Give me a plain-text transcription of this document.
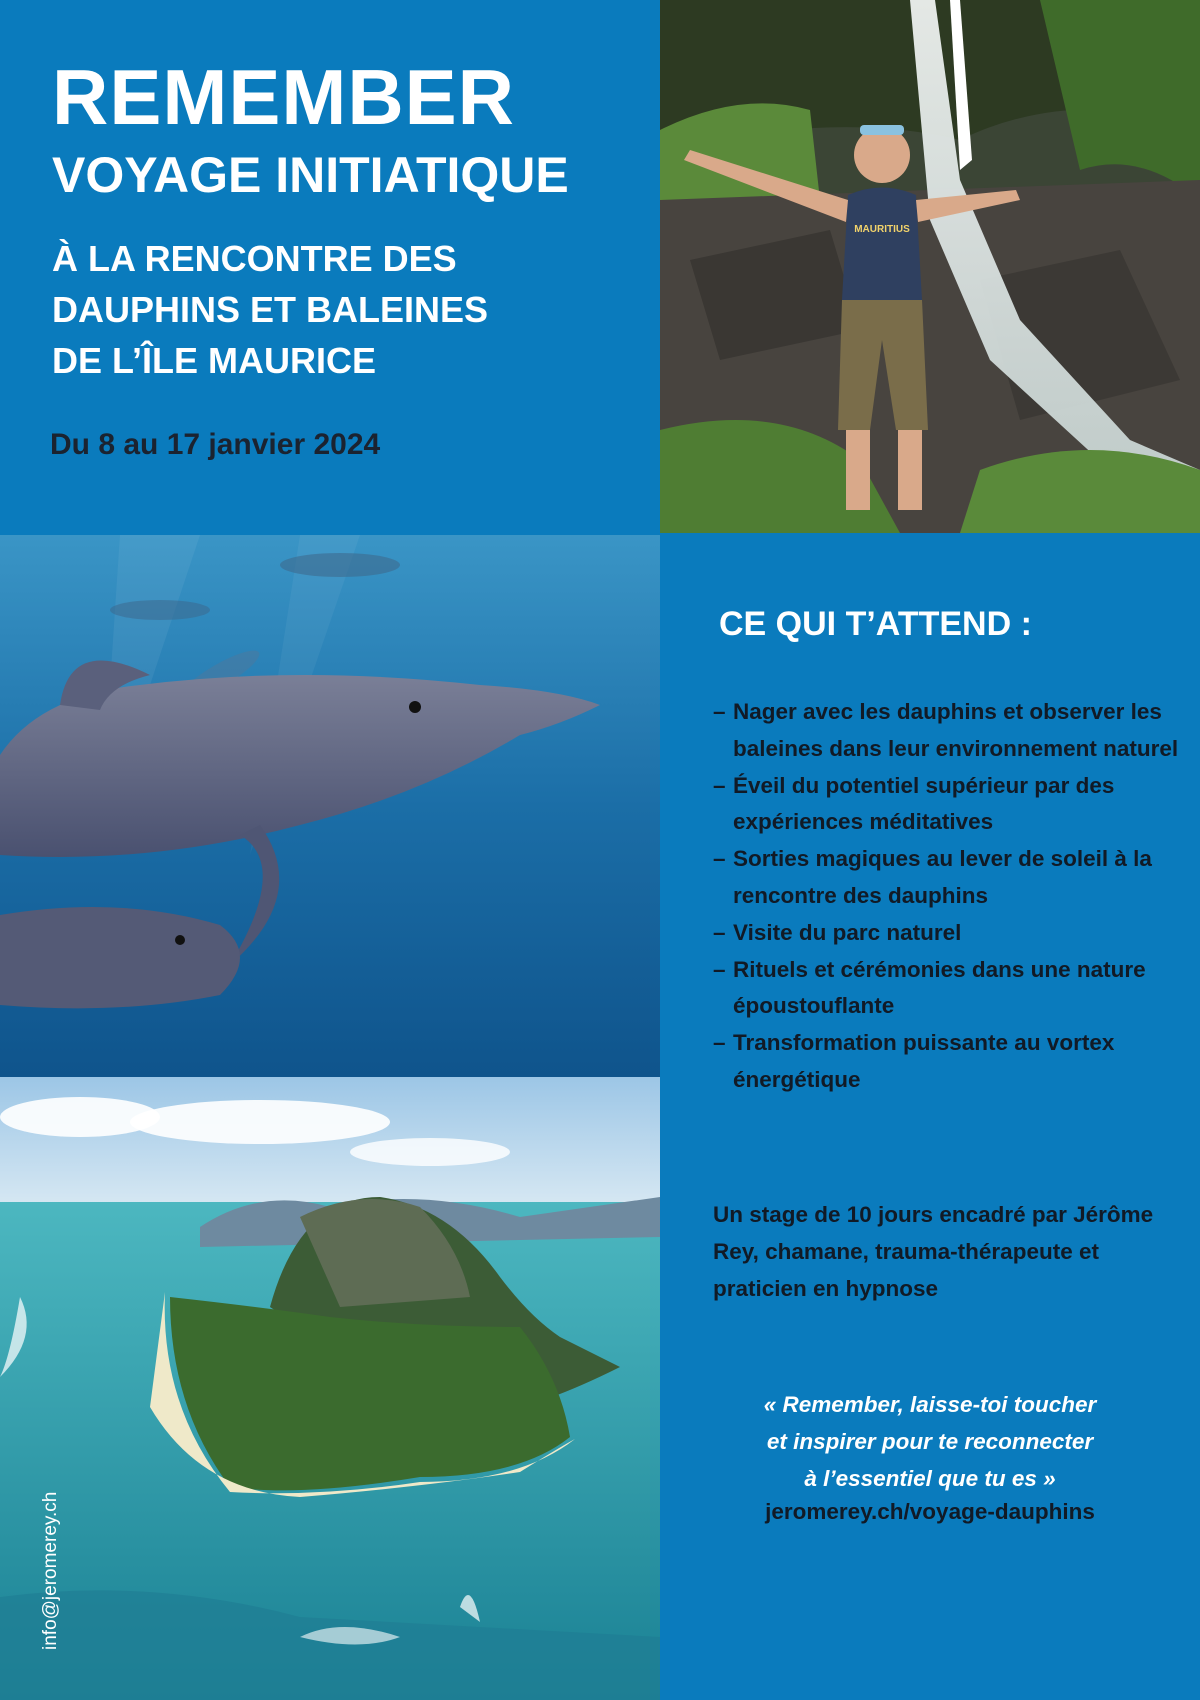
REMEMBER
VOYAGE INITIATIQUE
À LA RENCONTRE DES
DAUPHINS ET BALEINES
DE L’ÎLE MAURICE
Du 8 au 17 janvier 2024
MAURITIUS
CE QUI T’ATTEND :
– Nager avec les dauphins et observer les baleines dans leur environnement naturel
– Éveil du potentiel supérieur par des expériences méditatives
– Sorties magiques au lever de soleil à la rencontre des dauphins
– Visite du parc naturel
– Rituels et cérémonies dans une nature époustouflante
– Transformation puissante au vortex énergétique

Un stage de 10 jours encadré par Jérôme Rey, chamane, trauma-thérapeute et praticien en hypnose

« Remember, laisse-toi toucher
et inspirer pour te reconnecter
à l’essentiel que tu es »
jeromerey.ch/voyage-dauphins
info@jeromerey.ch
